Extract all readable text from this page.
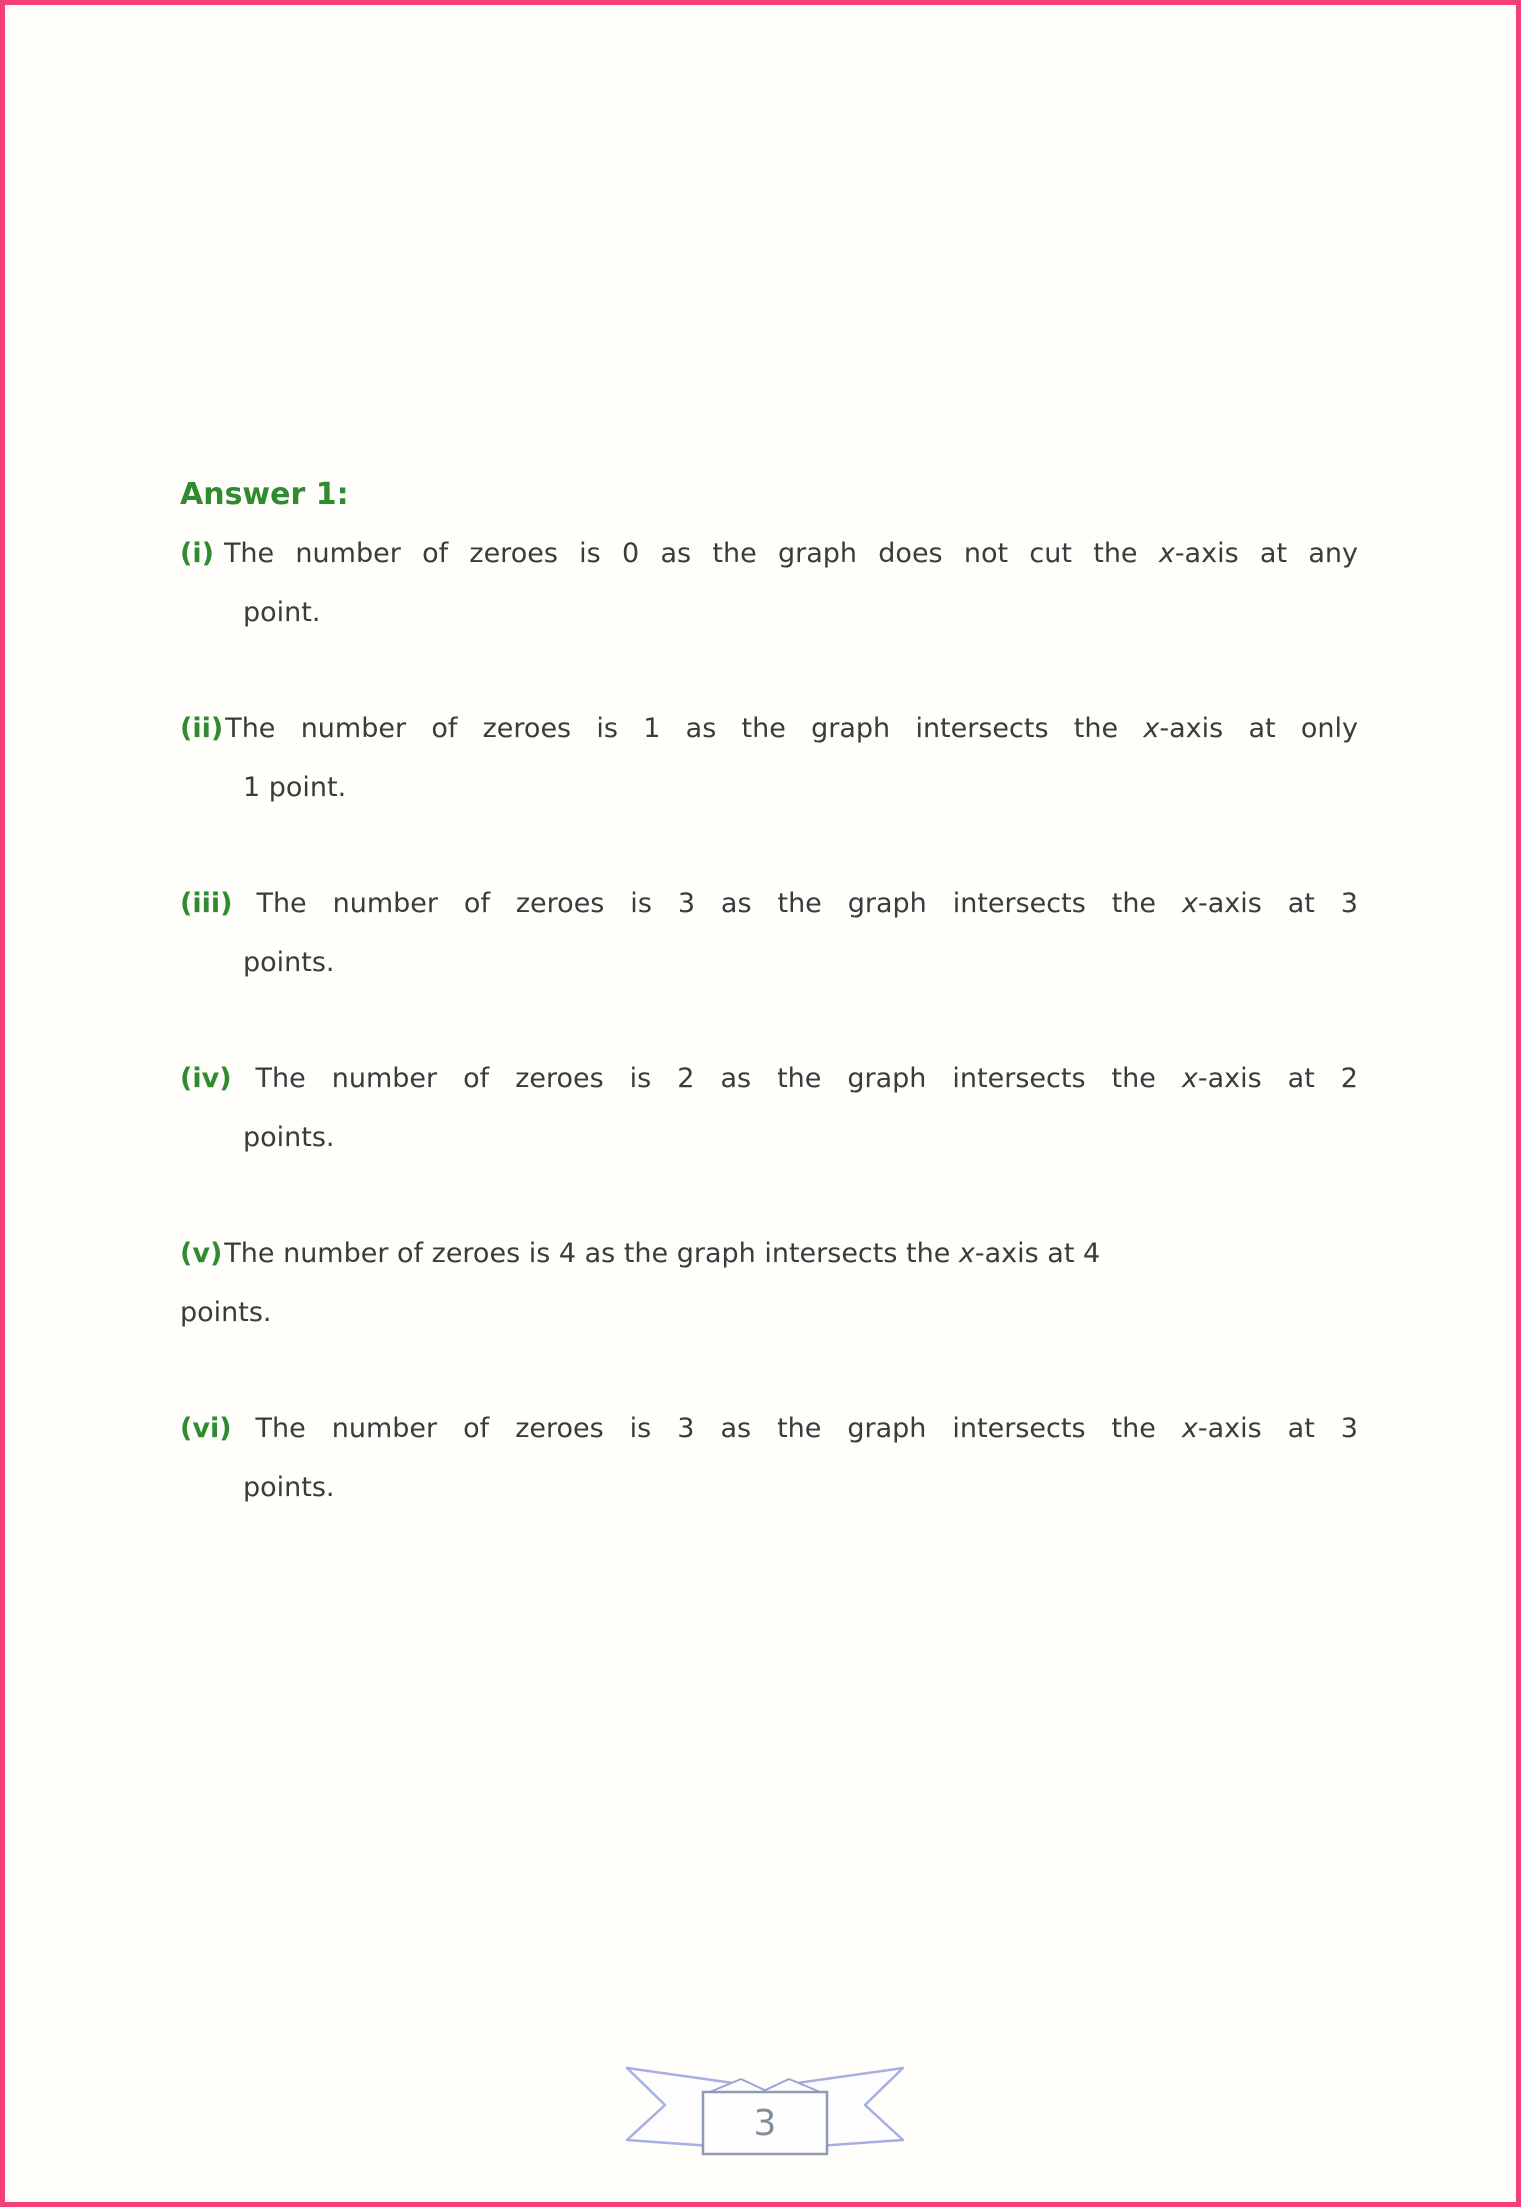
Answer 1:
(i) The number of zeroes is 0 as the graph does not cut the x-axis at any
point.
(ii)The number of zeroes is 1 as the graph intersects the x-axis at only
1 point.
(iii) The number of zeroes is 3 as the graph intersects the x-axis at 3
points.
(iv) The number of zeroes is 2 as the graph intersects the x-axis at 2
points.
(v)The number of zeroes is 4 as the graph intersects the x-axis at 4
points.
(vi) The number of zeroes is 3 as the graph intersects the x-axis at 3
points.
3
